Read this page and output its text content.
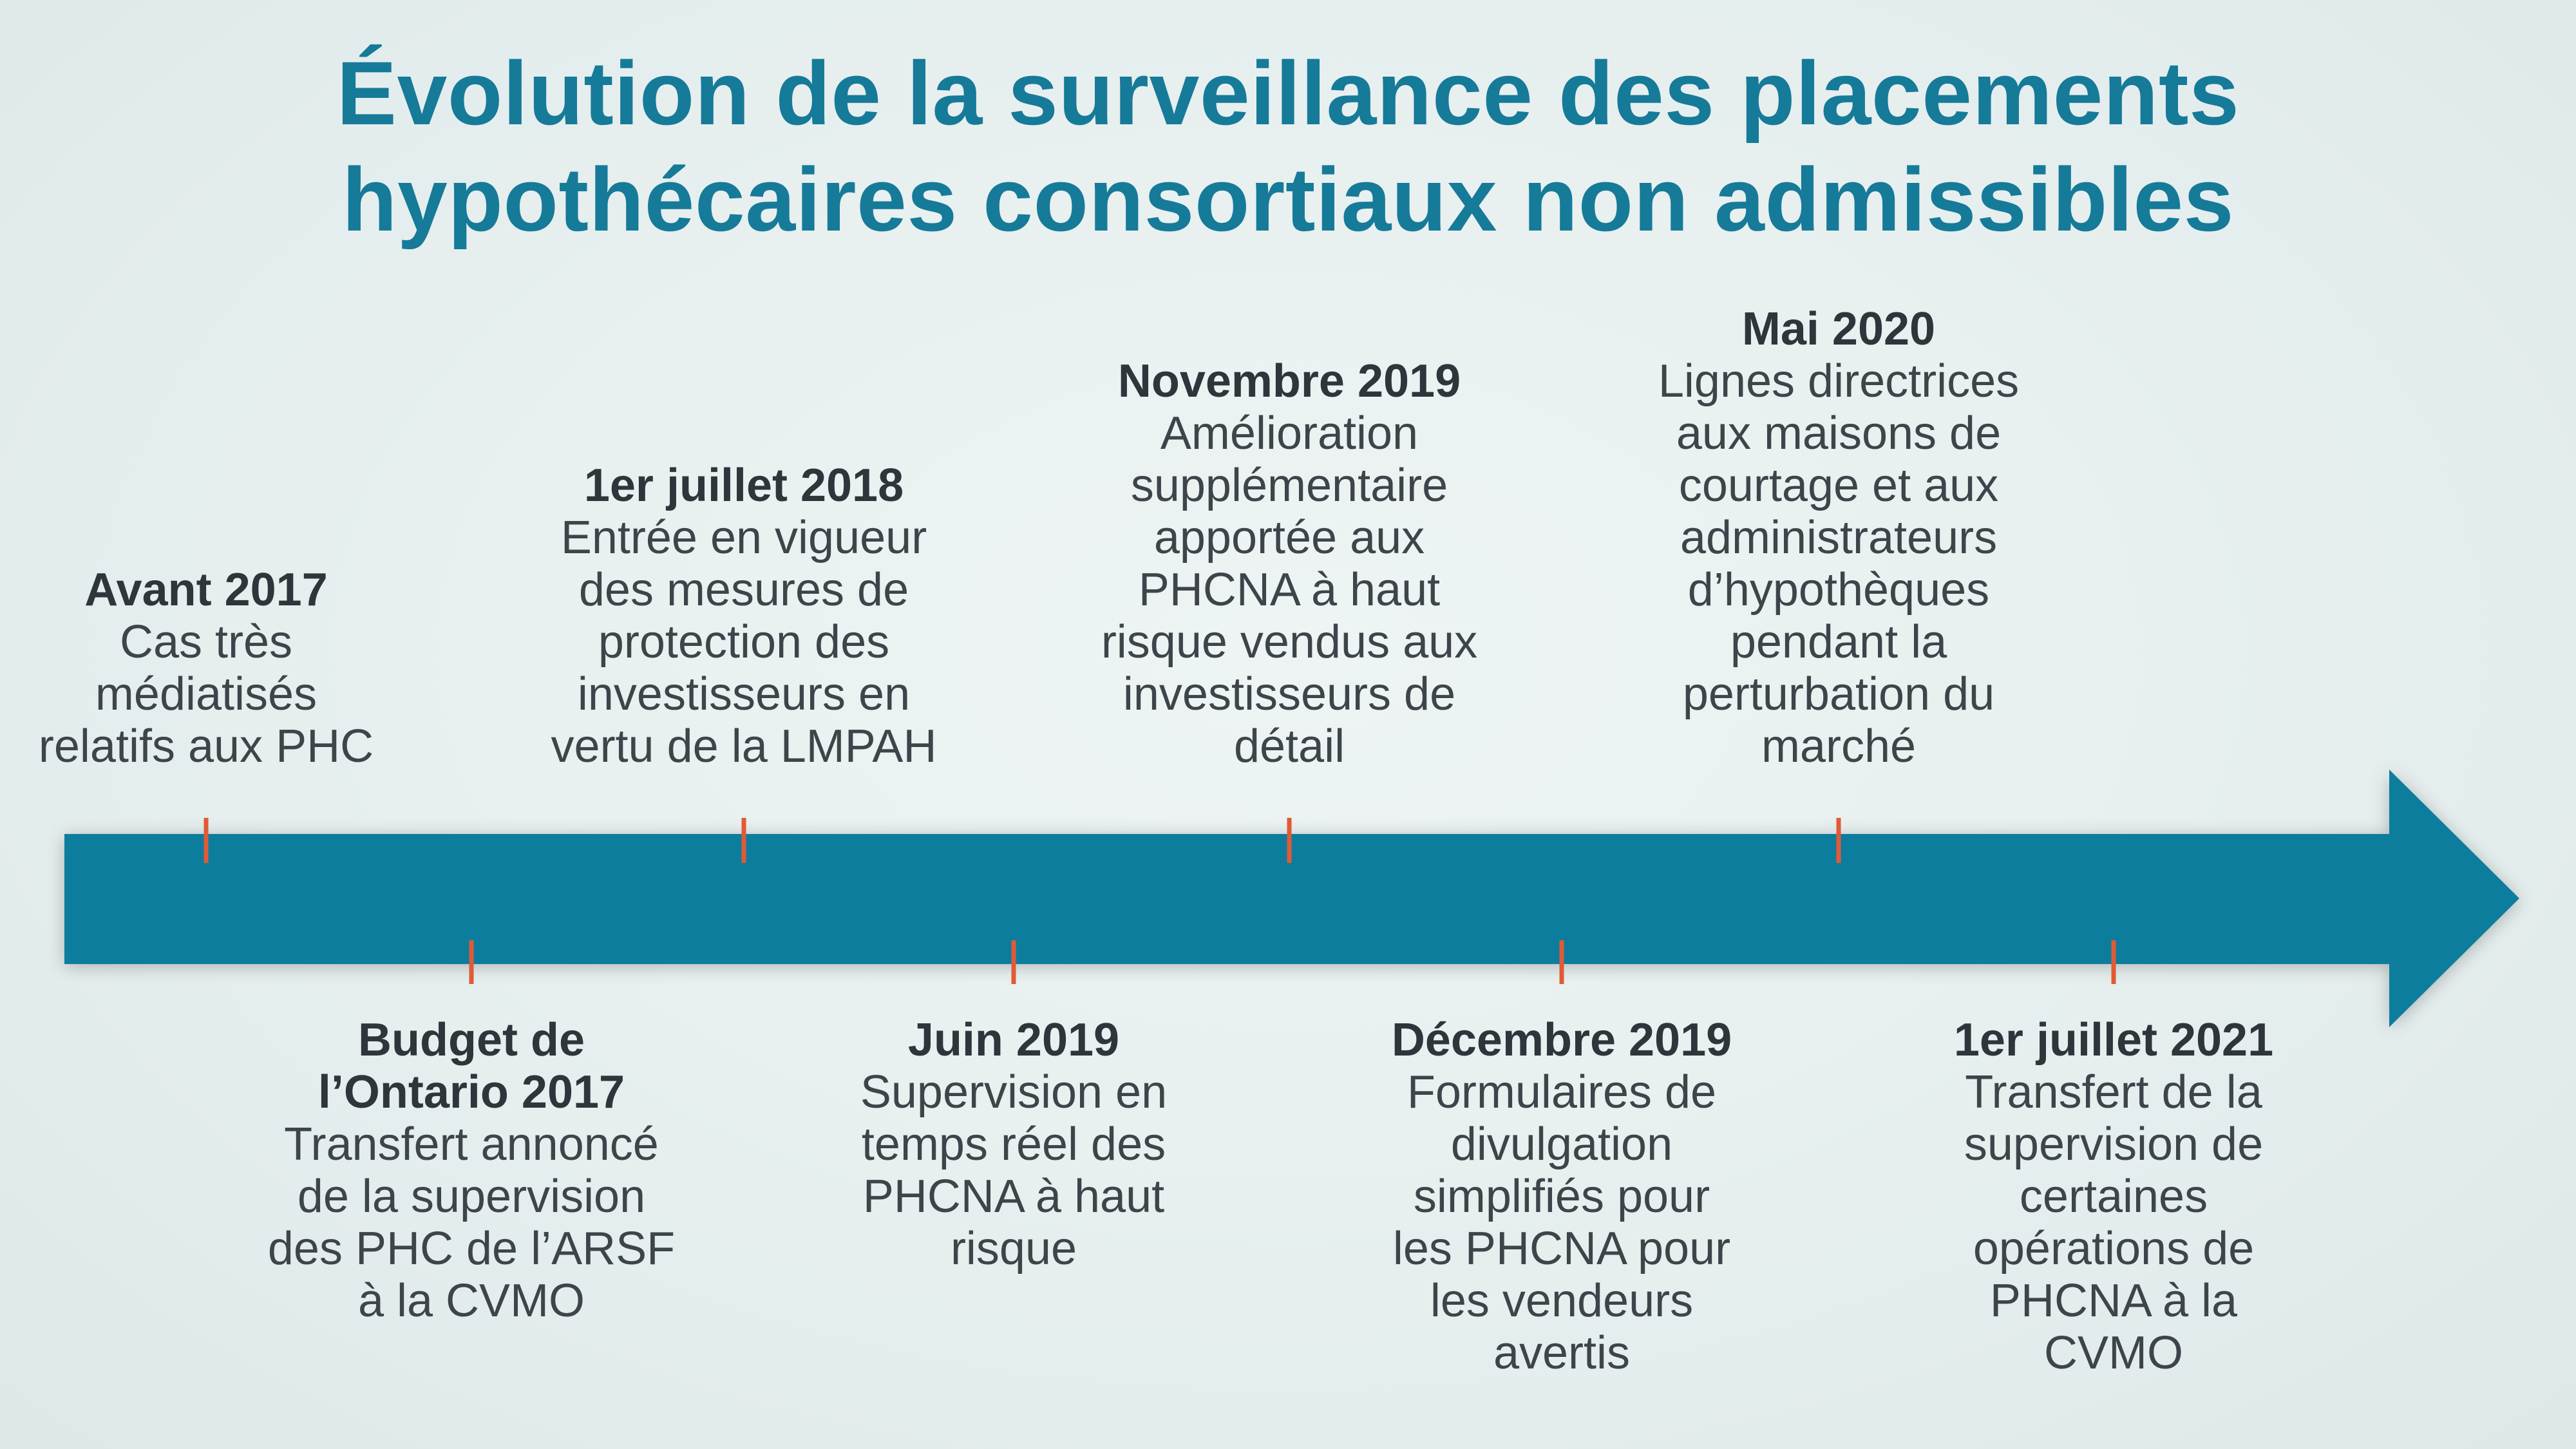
Évolution de la surveillance des placements
hypothécaires consortiaux non admissibles
Avant 2017
Cas très médiatisés relatifs aux PHC
Budget de l’Ontario 2017
Transfert annoncé de la supervision des PHC de l’ARSF à la CVMO
1er juillet 2018
Entrée en vigueur des mesures de protection des investisseurs en vertu de la LMPAH
Juin 2019
Supervision en temps réel des PHCNA à haut risque
Novembre 2019
Amélioration supplémentaire apportée aux PHCNA à haut risque vendus aux investisseurs de détail
Décembre 2019
Formulaires de divulgation simplifiés pour les PHCNA pour les vendeurs avertis
Mai 2020
Lignes directrices aux maisons de courtage et aux administrateurs d’hypothèques pendant la perturbation du marché
1er juillet 2021
Transfert de la supervision de certaines opérations de PHCNA à la CVMO
